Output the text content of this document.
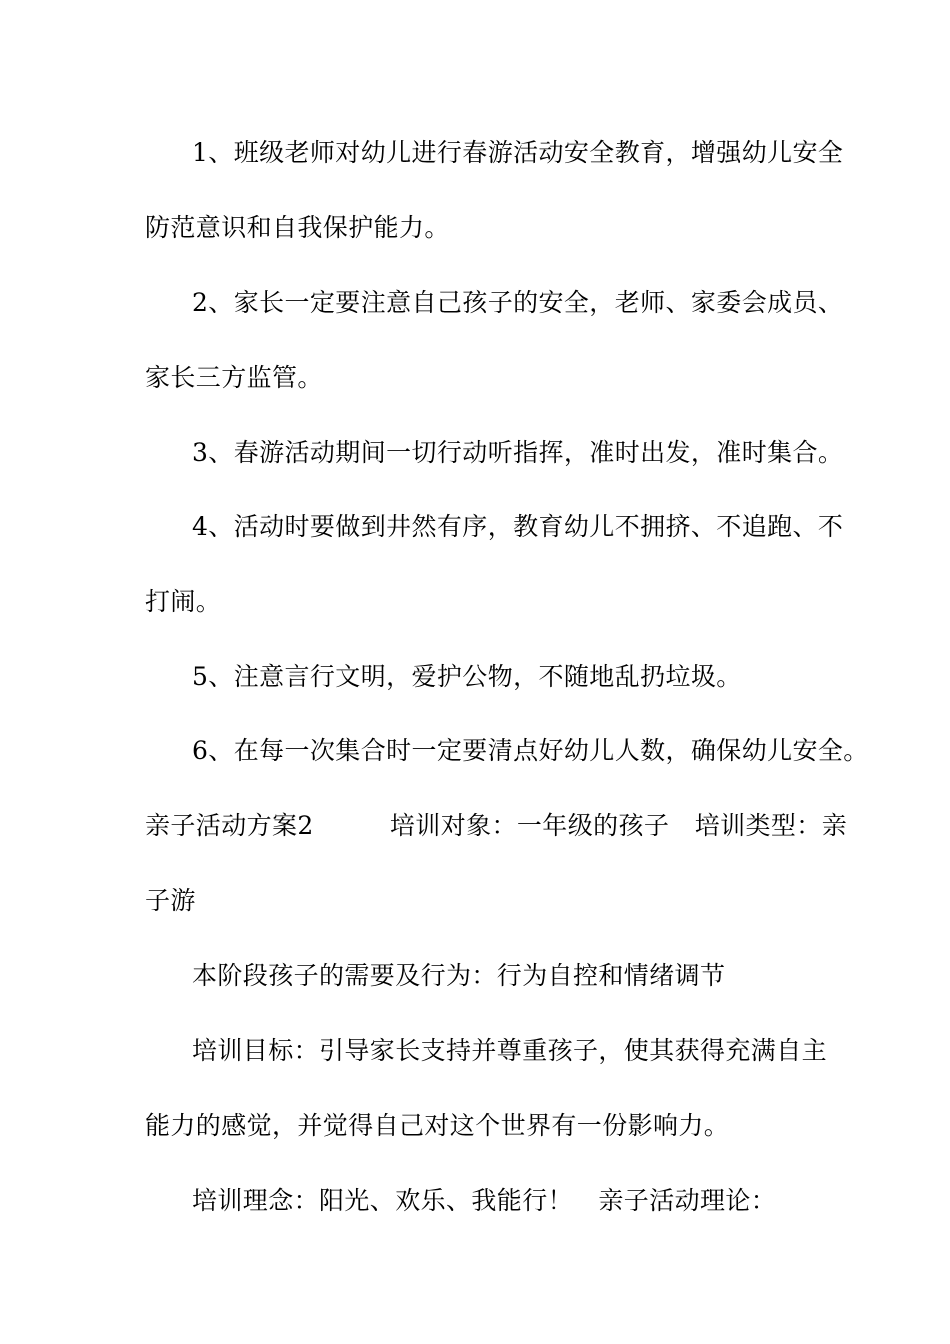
1、班级老师对幼儿进行春游活动安全教育，增强幼儿安全
防范意识和自我保护能力。
2、家长一定要注意自己孩子的安全，老师、家委会成员、
家长三方监管。
3、春游活动期间一切行动听指挥，准时出发，准时集合。
4、活动时要做到井然有序，教育幼儿不拥挤、不追跑、不
打闹。
5、注意言行文明，爱护公物，不随地乱扔垃圾。
6、在每一次集合时一定要清点好幼儿人数，确保幼儿安全。
亲子活动方案2　　　培训对象：一年级的孩子　培训类型：亲
子游
本阶段孩子的需要及行为：行为自控和情绪调节
培训目标：引导家长支持并尊重孩子，使其获得充满自主
能力的感觉，并觉得自己对这个世界有一份影响力。
培训理念：阳光、欢乐、我能行！　亲子活动理论：
